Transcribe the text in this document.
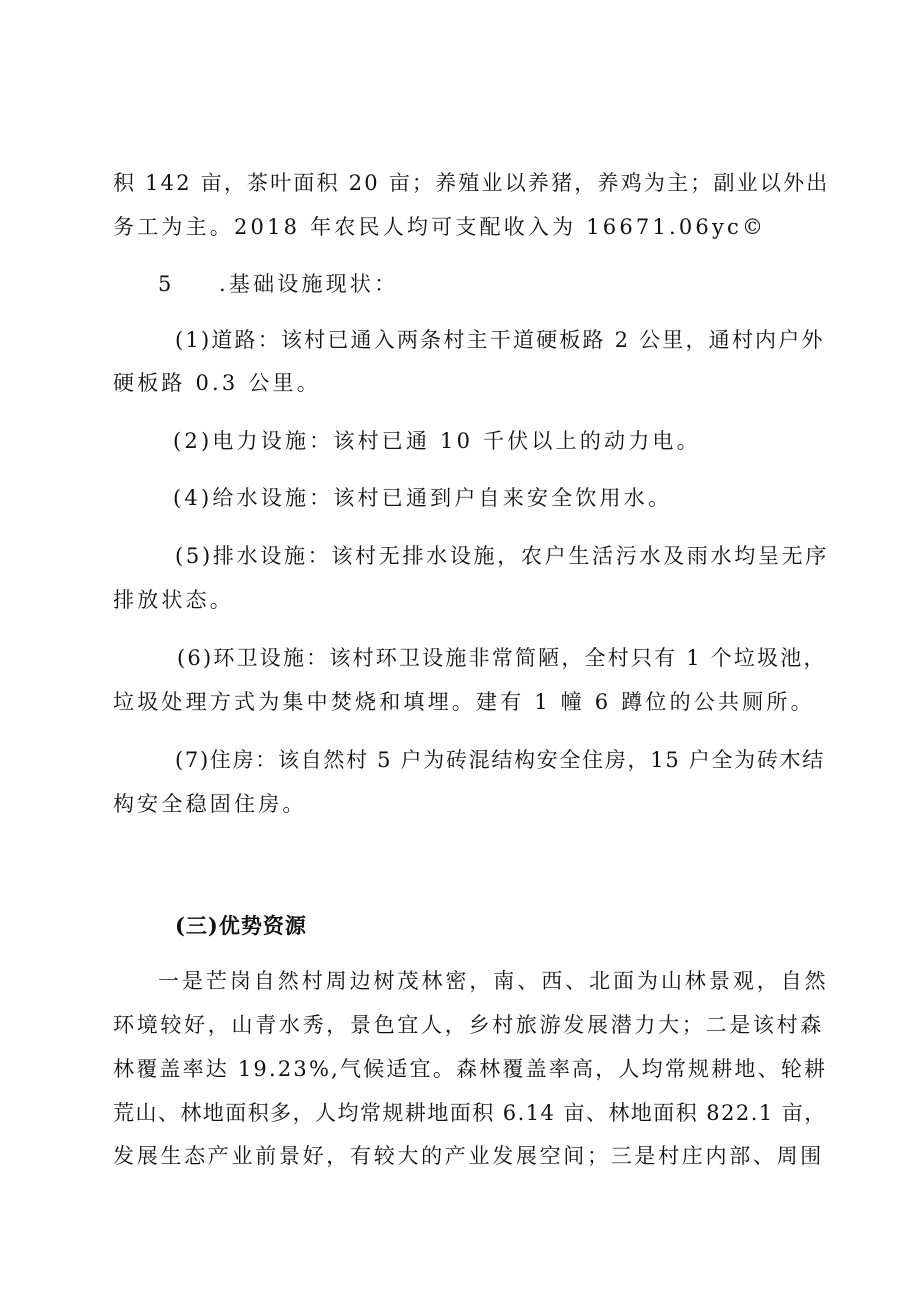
积 142 亩，茶叶面积 20 亩；养殖业以养猪，养鸡为主；副业以外出
务工为主。2018 年农民人均可支配收入为 16671.06yc©
5 .基础设施现状：
(1)道路：该村已通入两条村主干道硬板路 2 公里，通村内户外
硬板路 0.3 公里。
(2)电力设施：该村已通 10 千伏以上的动力电。
(4)给水设施：该村已通到户自来安全饮用水。
(5)排水设施：该村无排水设施，农户生活污水及雨水均呈无序
排放状态。
(6)环卫设施：该村环卫设施非常简陋，全村只有 1 个垃圾池，
垃圾处理方式为集中焚烧和填埋。建有 1 幢 6 蹲位的公共厕所。
(7)住房：该自然村 5 户为砖混结构安全住房，15 户全为砖木结
构安全稳固住房。
(三)优势资源
一是芒岗自然村周边树茂林密，南、西、北面为山林景观，自然
环境较好，山青水秀，景色宜人，乡村旅游发展潜力大；二是该村森
林覆盖率达 19.23%,气候适宜。森林覆盖率高，人均常规耕地、轮耕
荒山、林地面积多，人均常规耕地面积 6.14 亩、林地面积 822.1 亩，
发展生态产业前景好，有较大的产业发展空间；三是村庄内部、周围
